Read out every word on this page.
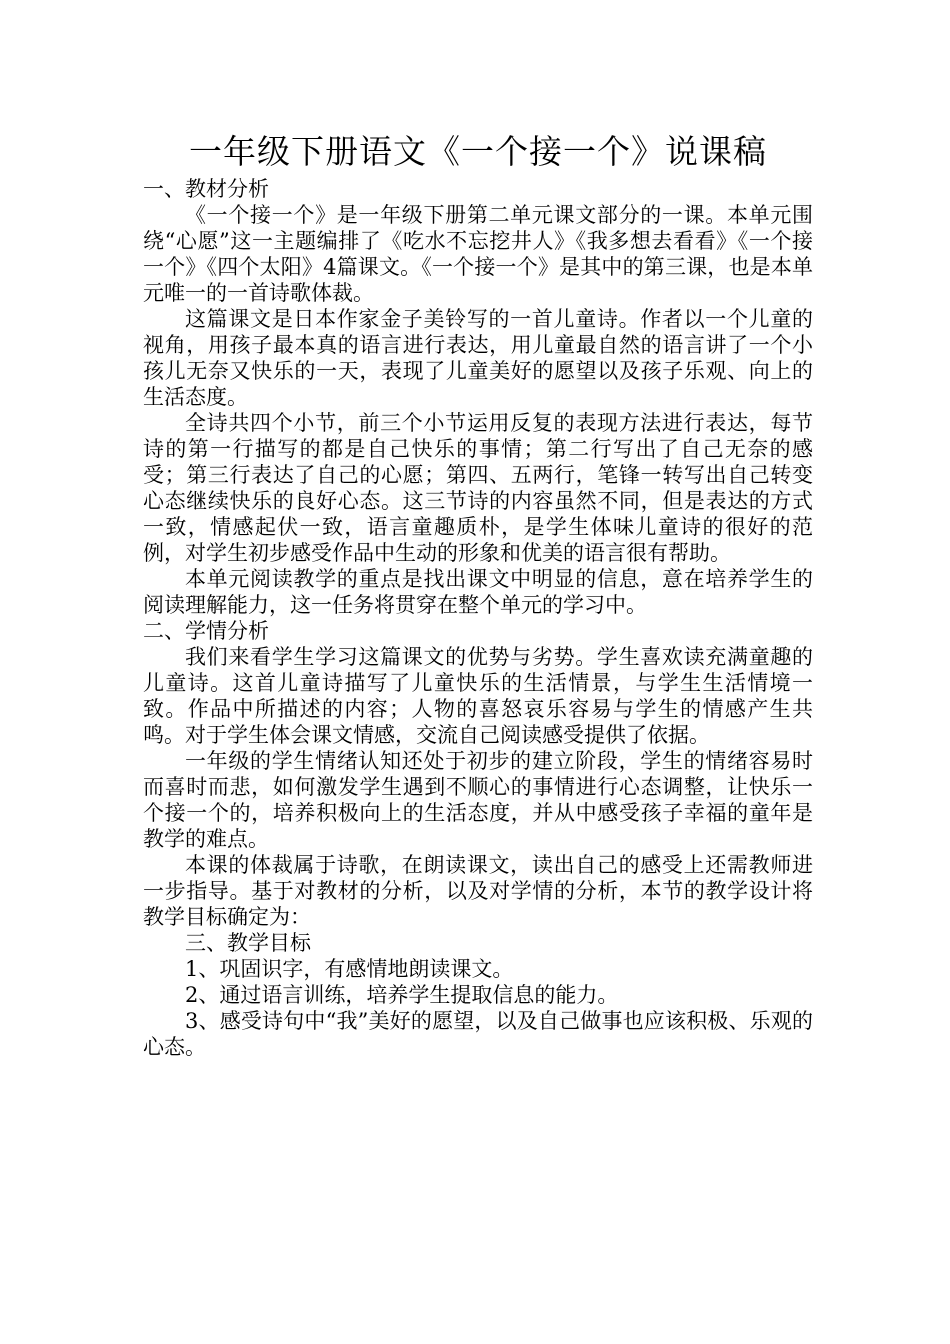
一年级下册语文《一个接一个》说课稿

一、教材分析

《一个接一个》是一年级下册第二单元课文部分的一课。本单元围绕“心愿”这一主题编排了《吃水不忘挖井人》《我多想去看看》《一个接一个》《四个太阳》4篇课文。《一个接一个》是其中的第三课，也是本单元唯一的一首诗歌体裁。

这篇课文是日本作家金子美铃写的一首儿童诗。作者以一个儿童的视角，用孩子最本真的语言进行表达，用儿童最自然的语言讲了一个小孩儿无奈又快乐的一天，表现了儿童美好的愿望以及孩子乐观、向上的生活态度。

全诗共四个小节，前三个小节运用反复的表现方法进行表达，每节诗的第一行描写的都是自己快乐的事情；第二行写出了自己无奈的感受；第三行表达了自己的心愿；第四、五两行，笔锋一转写出自己转变心态继续快乐的良好心态。这三节诗的内容虽然不同，但是表达的方式一致，情感起伏一致，语言童趣质朴，是学生体味儿童诗的很好的范例，对学生初步感受作品中生动的形象和优美的语言很有帮助。

本单元阅读教学的重点是找出课文中明显的信息，意在培养学生的阅读理解能力，这一任务将贯穿在整个单元的学习中。

二、学情分析

我们来看学生学习这篇课文的优势与劣势。学生喜欢读充满童趣的儿童诗。这首儿童诗描写了儿童快乐的生活情景，与学生生活情境一致。作品中所描述的内容；人物的喜怒哀乐容易与学生的情感产生共鸣。对于学生体会课文情感，交流自己阅读感受提供了依据。

一年级的学生情绪认知还处于初步的建立阶段，学生的情绪容易时而喜时而悲，如何激发学生遇到不顺心的事情进行心态调整，让快乐一个接一个的，培养积极向上的生活态度，并从中感受孩子幸福的童年是教学的难点。

本课的体裁属于诗歌，在朗读课文，读出自己的感受上还需教师进一步指导。基于对教材的分析，以及对学情的分析，本节的教学设计将教学目标确定为：

三、教学目标

1、巩固识字，有感情地朗读课文。

2、通过语言训练，培养学生提取信息的能力。

3、感受诗句中“我”美好的愿望，以及自己做事也应该积极、乐观的心态。
